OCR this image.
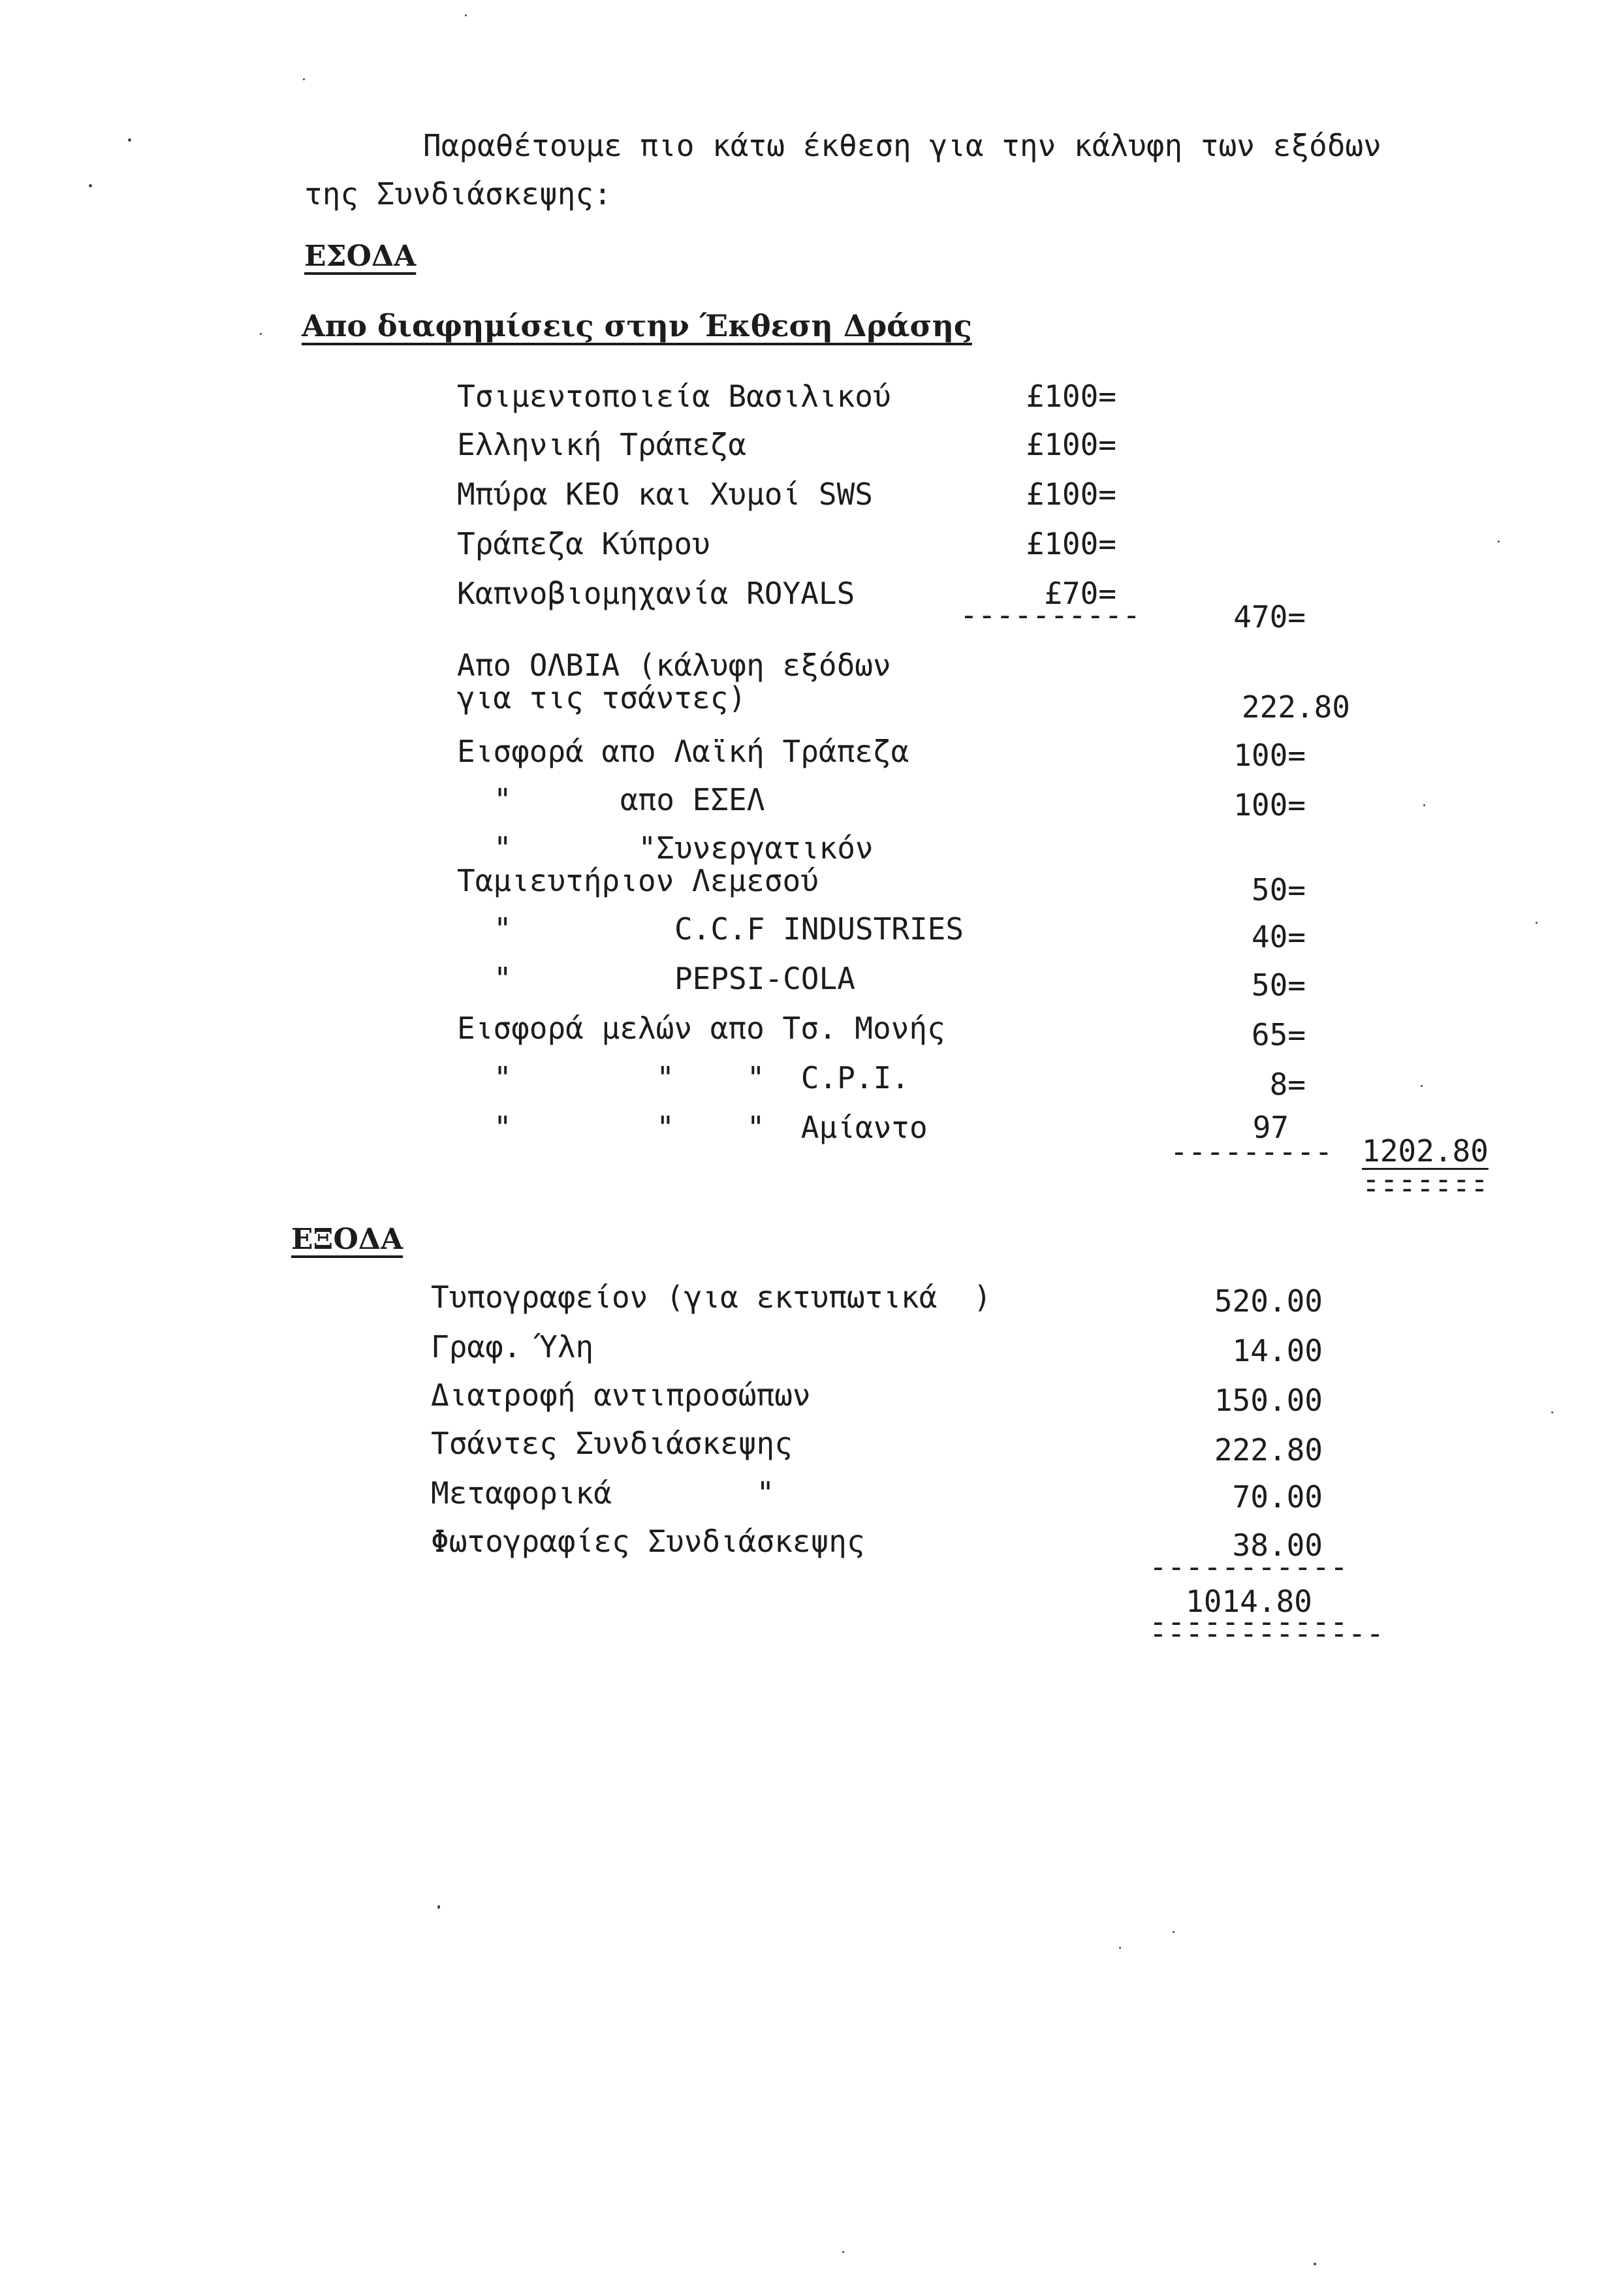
Παραθέτουμε πιο κάτω έκθεση για την κάλυφη των εξόδων
της Συνδιάσκεψης:
ΕΣΟΔΑ
Απο διαφημίσεις στην Έκθεση Δράσης
Τσιμεντοποιεία Βασιλικού	£100=
Ελληνική Τράπεζα	£100=
Μπύρα ΚΕΟ και Χυμοί SWS	£100=
Τράπεζα Κύπρου	£100=
Καπνοβιομηχανία ROYALS	£70=
470=
Απο ΟΛΒΙΑ (κάλυφη εξόδων
για τις τσάντες)	222.80
Εισφορά απο Λαϊκή Τράπεζα	100=
"      απο ΕΣΕΛ	100=
"       "Συνεργατικόν
Ταμιευτήριον Λεμεσού	50=
"         C.C.F INDUSTRIES	40=
"         PEPSI-COLA	50=
Εισφορά μελών απο Τσ. Μονής	65=
"        "    "  C.P.I.	8=
"        "    "  Αμίαντο	97
1202.80
ΕΞΟΔΑ
Τυπογραφείον (για εκτυπωτικά  )	520.00
Γραφ. Ύλη	14.00
Διατροφή αντιπροσώπων	150.00
Τσάντες Συνδιάσκεψης	222.80
Μεταφορικά        "	70.00
Φωτογραφίες Συνδιάσκεψης	38.00
1014.80
